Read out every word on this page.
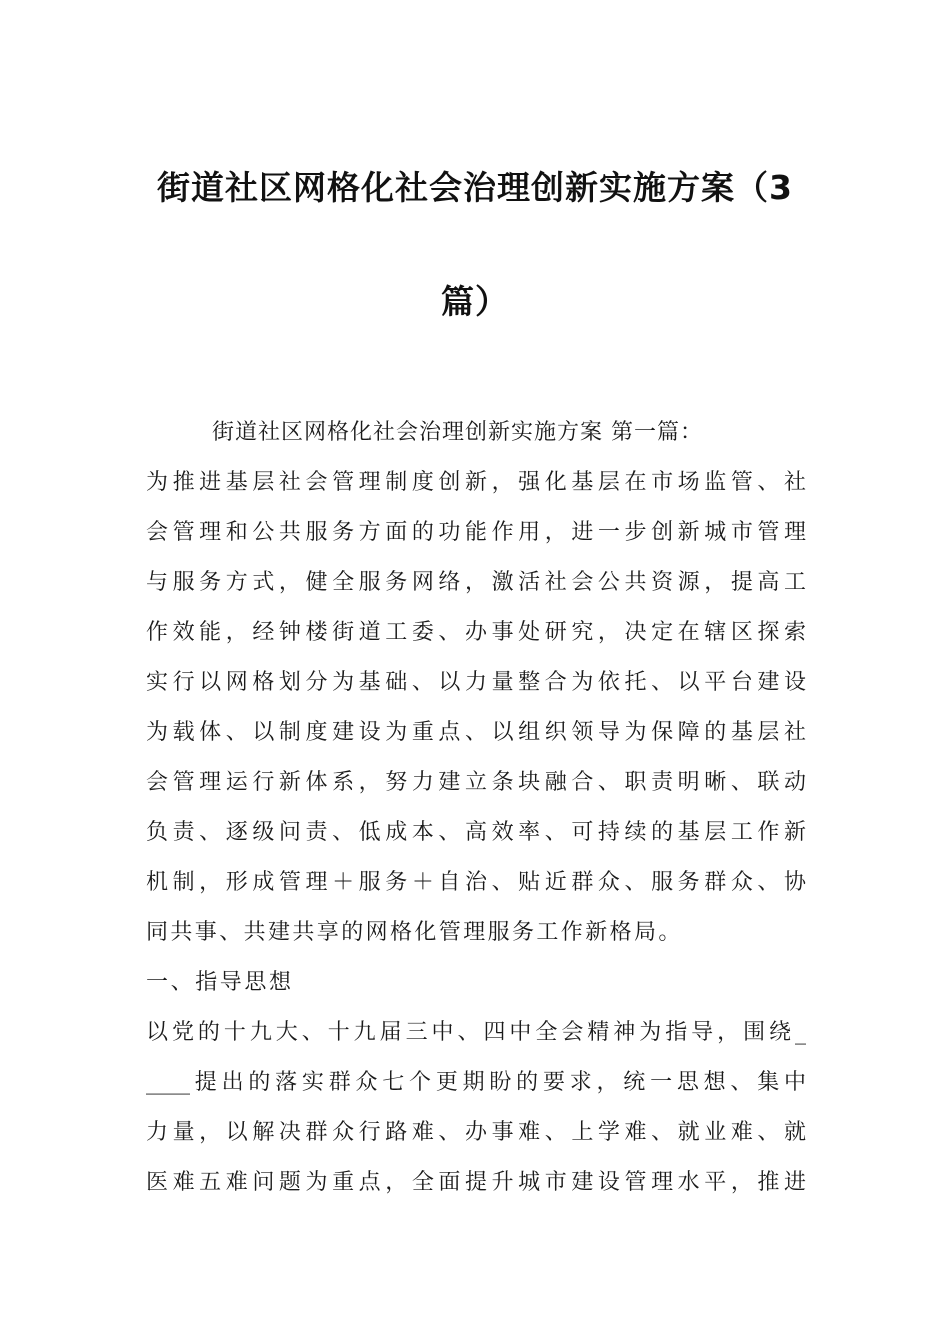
街道社区网格化社会治理创新实施方案（3
篇）
街道社区网格化社会治理创新实施方案 第一篇：
为推进基层社会管理制度创新，强化基层在市场监管、社
会管理和公共服务方面的功能作用，进一步创新城市管理
与服务方式，健全服务网络，激活社会公共资源，提高工
作效能，经钟楼街道工委、办事处研究，决定在辖区探索
实行以网格划分为基础、以力量整合为依托、以平台建设
为载体、以制度建设为重点、以组织领导为保障的基层社
会管理运行新体系，努力建立条块融合、职责明晰、联动
负责、逐级问责、低成本、高效率、可持续的基层工作新
机制，形成管理＋服务＋自治、贴近群众、服务群众、协
同共事、共建共享的网格化管理服务工作新格局。
一、指导思想
以党的十九大、十九届三中、四中全会精神为指导，围绕_
____提出的落实群众七个更期盼的要求，统一思想、集中
力量，以解决群众行路难、办事难、上学难、就业难、就
医难五难问题为重点，全面提升城市建设管理水平，推进
